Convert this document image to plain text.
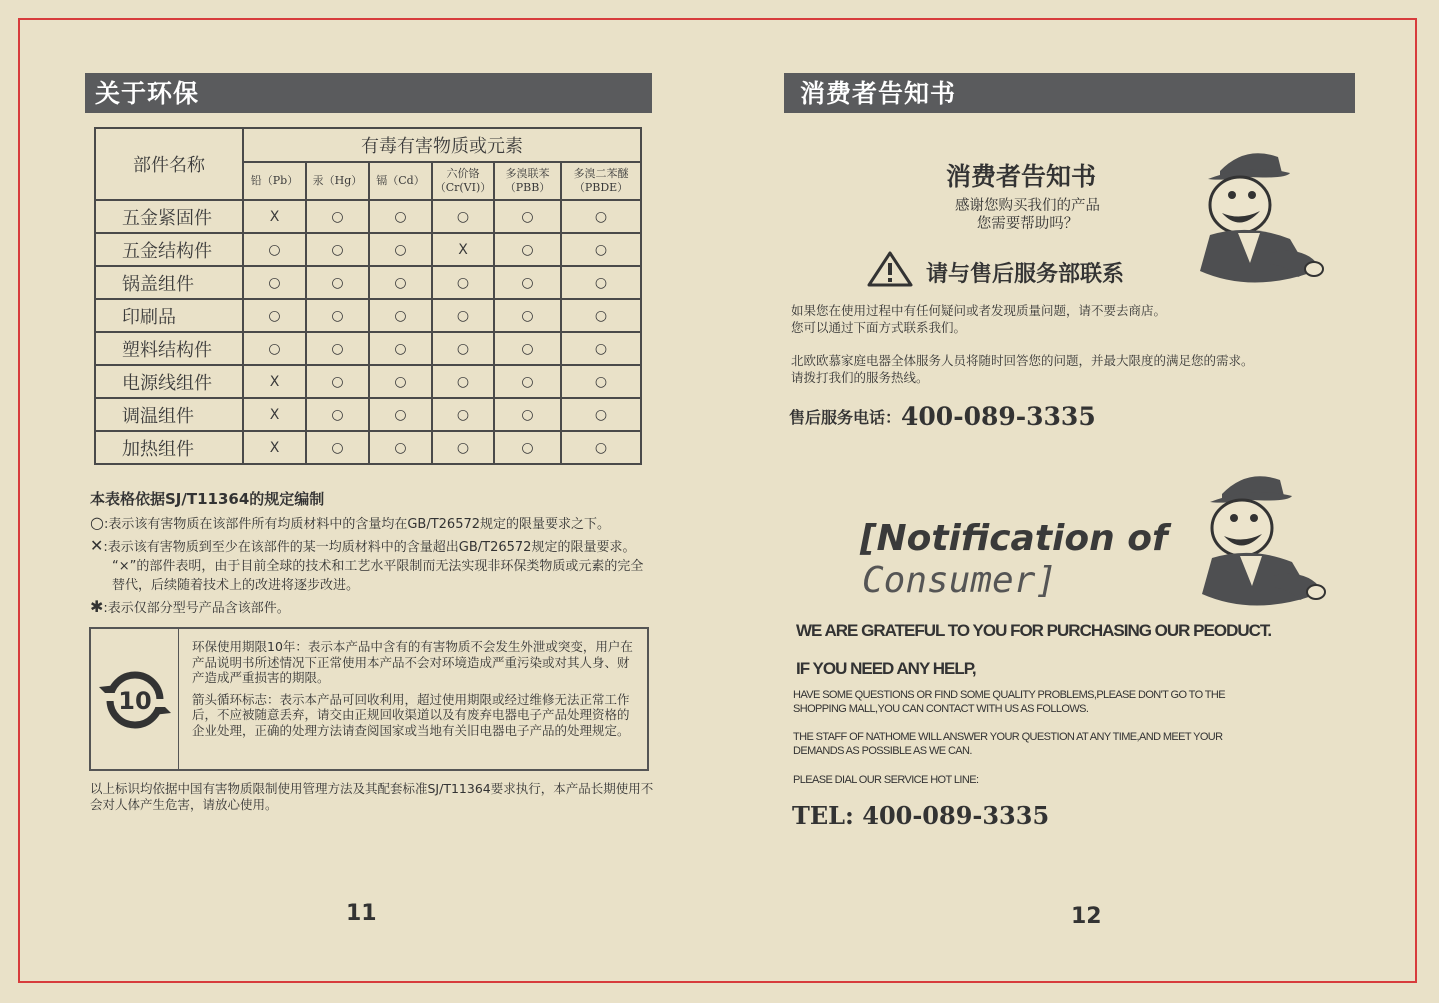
关于环保
部件名称	有毒有害物质或元素					
	铅（Pb）	汞（Hg）	镉（Cd）	六价铬（Cr(VI)）	多溴联苯（PBB）	多溴二苯醚（PBDE）
五金紧固件	X	○	○	○	○	○
五金结构件	○	○	○	X	○	○
锅盖组件	○	○	○	○	○	○
印刷品	○	○	○	○	○	○
塑料结构件	○	○	○	○	○	○
电源线组件	X	○	○	○	○	○
调温组件	X	○	○	○	○	○
加热组件	X	○	○	○	○	○
本表格依据SJ/T11364的规定编制
○:表示该有害物质在该部件所有均质材料中的含量均在GB/T26572规定的限量要求之下。
✕:表示该有害物质到至少在该部件的某一均质材料中的含量超出GB/T26572规定的限量要求。
“×”的部件表明，由于目前全球的技术和工艺水平限制而无法实现非环保类物质或元素的完全替代，后续随着技术上的改进将逐步改进。
✱:表示仅部分型号产品含该部件。
10

环保使用期限10年：表示本产品中含有的有害物质不会发生外泄或突变，用户在产品说明书所述情况下正常使用本产品不会对环境造成严重污染或对其人身、财产造成严重损害的期限。

箭头循环标志：表示本产品可回收利用，超过使用期限或经过维修无法正常工作后，不应被随意丢弃，请交由正规回收渠道以及有废弃电器电子产品处理资格的企业处理，正确的处理方法请查阅国家或当地有关旧电器电子产品的处理规定。

以上标识均依据中国有害物质限制使用管理方法及其配套标准SJ/T11364要求执行，本产品长期使用不会对人体产生危害，请放心使用。
11
消费者告知书
消费者告知书
感谢您购买我们的产品
您需要帮助吗？
请与售后服务部联系
如果您在使用过程中有任何疑问或者发现质量问题，请不要去商店。
您可以通过下面方式联系我们。
北欧欧慕家庭电器全体服务人员将随时回答您的问题，并最大限度的满足您的需求。
请拨打我们的服务热线。
售后服务电话：400-089-3335
[Notification of
Consumer]
WE ARE GRATEFUL TO YOU FOR PURCHASING OUR PEODUCT.
IF YOU NEED ANY HELP,
HAVE SOME QUESTIONS OR FIND SOME QUALITY PROBLEMS,PLEASE DON'T GO TO THE SHOPPING MALL,YOU CAN CONTACT WITH US AS FOLLOWS.
THE STAFF OF NATHOME WILL ANSWER YOUR QUESTION AT ANY TIME,AND MEET YOUR DEMANDS AS POSSIBLE AS WE CAN.
PLEASE DIAL OUR SERVICE HOT LINE:
TEL: 400-089-3335
12
